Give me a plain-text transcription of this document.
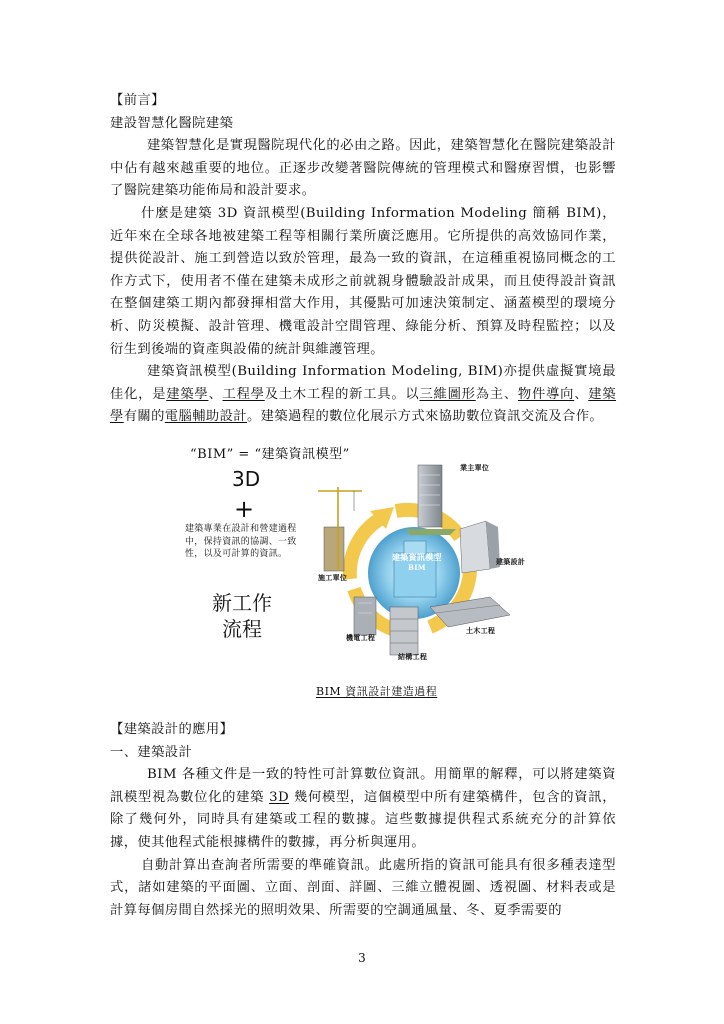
【前言】
建設智慧化醫院建築

建築智慧化是實現醫院現代化的必由之路。因此，建築智慧化在醫院建築設計中佔有越來越重要的地位。正逐步改變著醫院傳統的管理模式和醫療習慣，也影響了醫院建築功能佈局和設計要求。

什麼是建築 3D 資訊模型(Building Information Modeling 簡稱 BIM)，近年來在全球各地被建築工程等相關行業所廣泛應用。它所提供的高效協同作業，提供從設計、施工到營造以致於管理，最為一致的資訊，在這種重視協同概念的工作方式下，使用者不僅在建築未成形之前就親身體驗設計成果，而且使得設計資訊在整個建築工期內都發揮相當大作用，其優點可加速決策制定、涵蓋模型的環境分析、防災模擬、設計管理、機電設計空間管理、綠能分析、預算及時程監控；以及衍生到後端的資產與設備的統計與維護管理。

建築資訊模型(Building Information Modeling, BIM)亦提供虛擬實境最佳化，是建築學、工程學及土木工程的新工具。以三維圖形為主、物件導向、建築學有關的電腦輔助設計。建築過程的數位化展示方式來協助數位資訊交流及合作。

“BIM” = “建築資訊模型”
3D
+
建築專業在設計和營建過程中，保持資訊的協調、一致性，以及可計算的資訊。
新工作
流程
建築資訊模型
BIM
業主單位
建築設計
土木工程
結構工程
機電工程
施工單位
BIM 資訊設計建造過程
【建築設計的應用】
一、建築設計

BIM 各種文件是一致的特性可計算數位資訊。用簡單的解釋，可以將建築資訊模型視為數位化的建築 3D 幾何模型，這個模型中所有建築構件，包含的資訊，除了幾何外，同時具有建築或工程的數據。這些數據提供程式系統充分的計算依據，使其他程式能根據構件的數據，再分析與運用。

自動計算出查詢者所需要的準確資訊。此處所指的資訊可能具有很多種表達型式，諸如建築的平面圖、立面、剖面、詳圖、三維立體視圖、透視圖、材料表或是計算每個房間自然採光的照明效果、所需要的空調通風量、冬、夏季需要的

3
